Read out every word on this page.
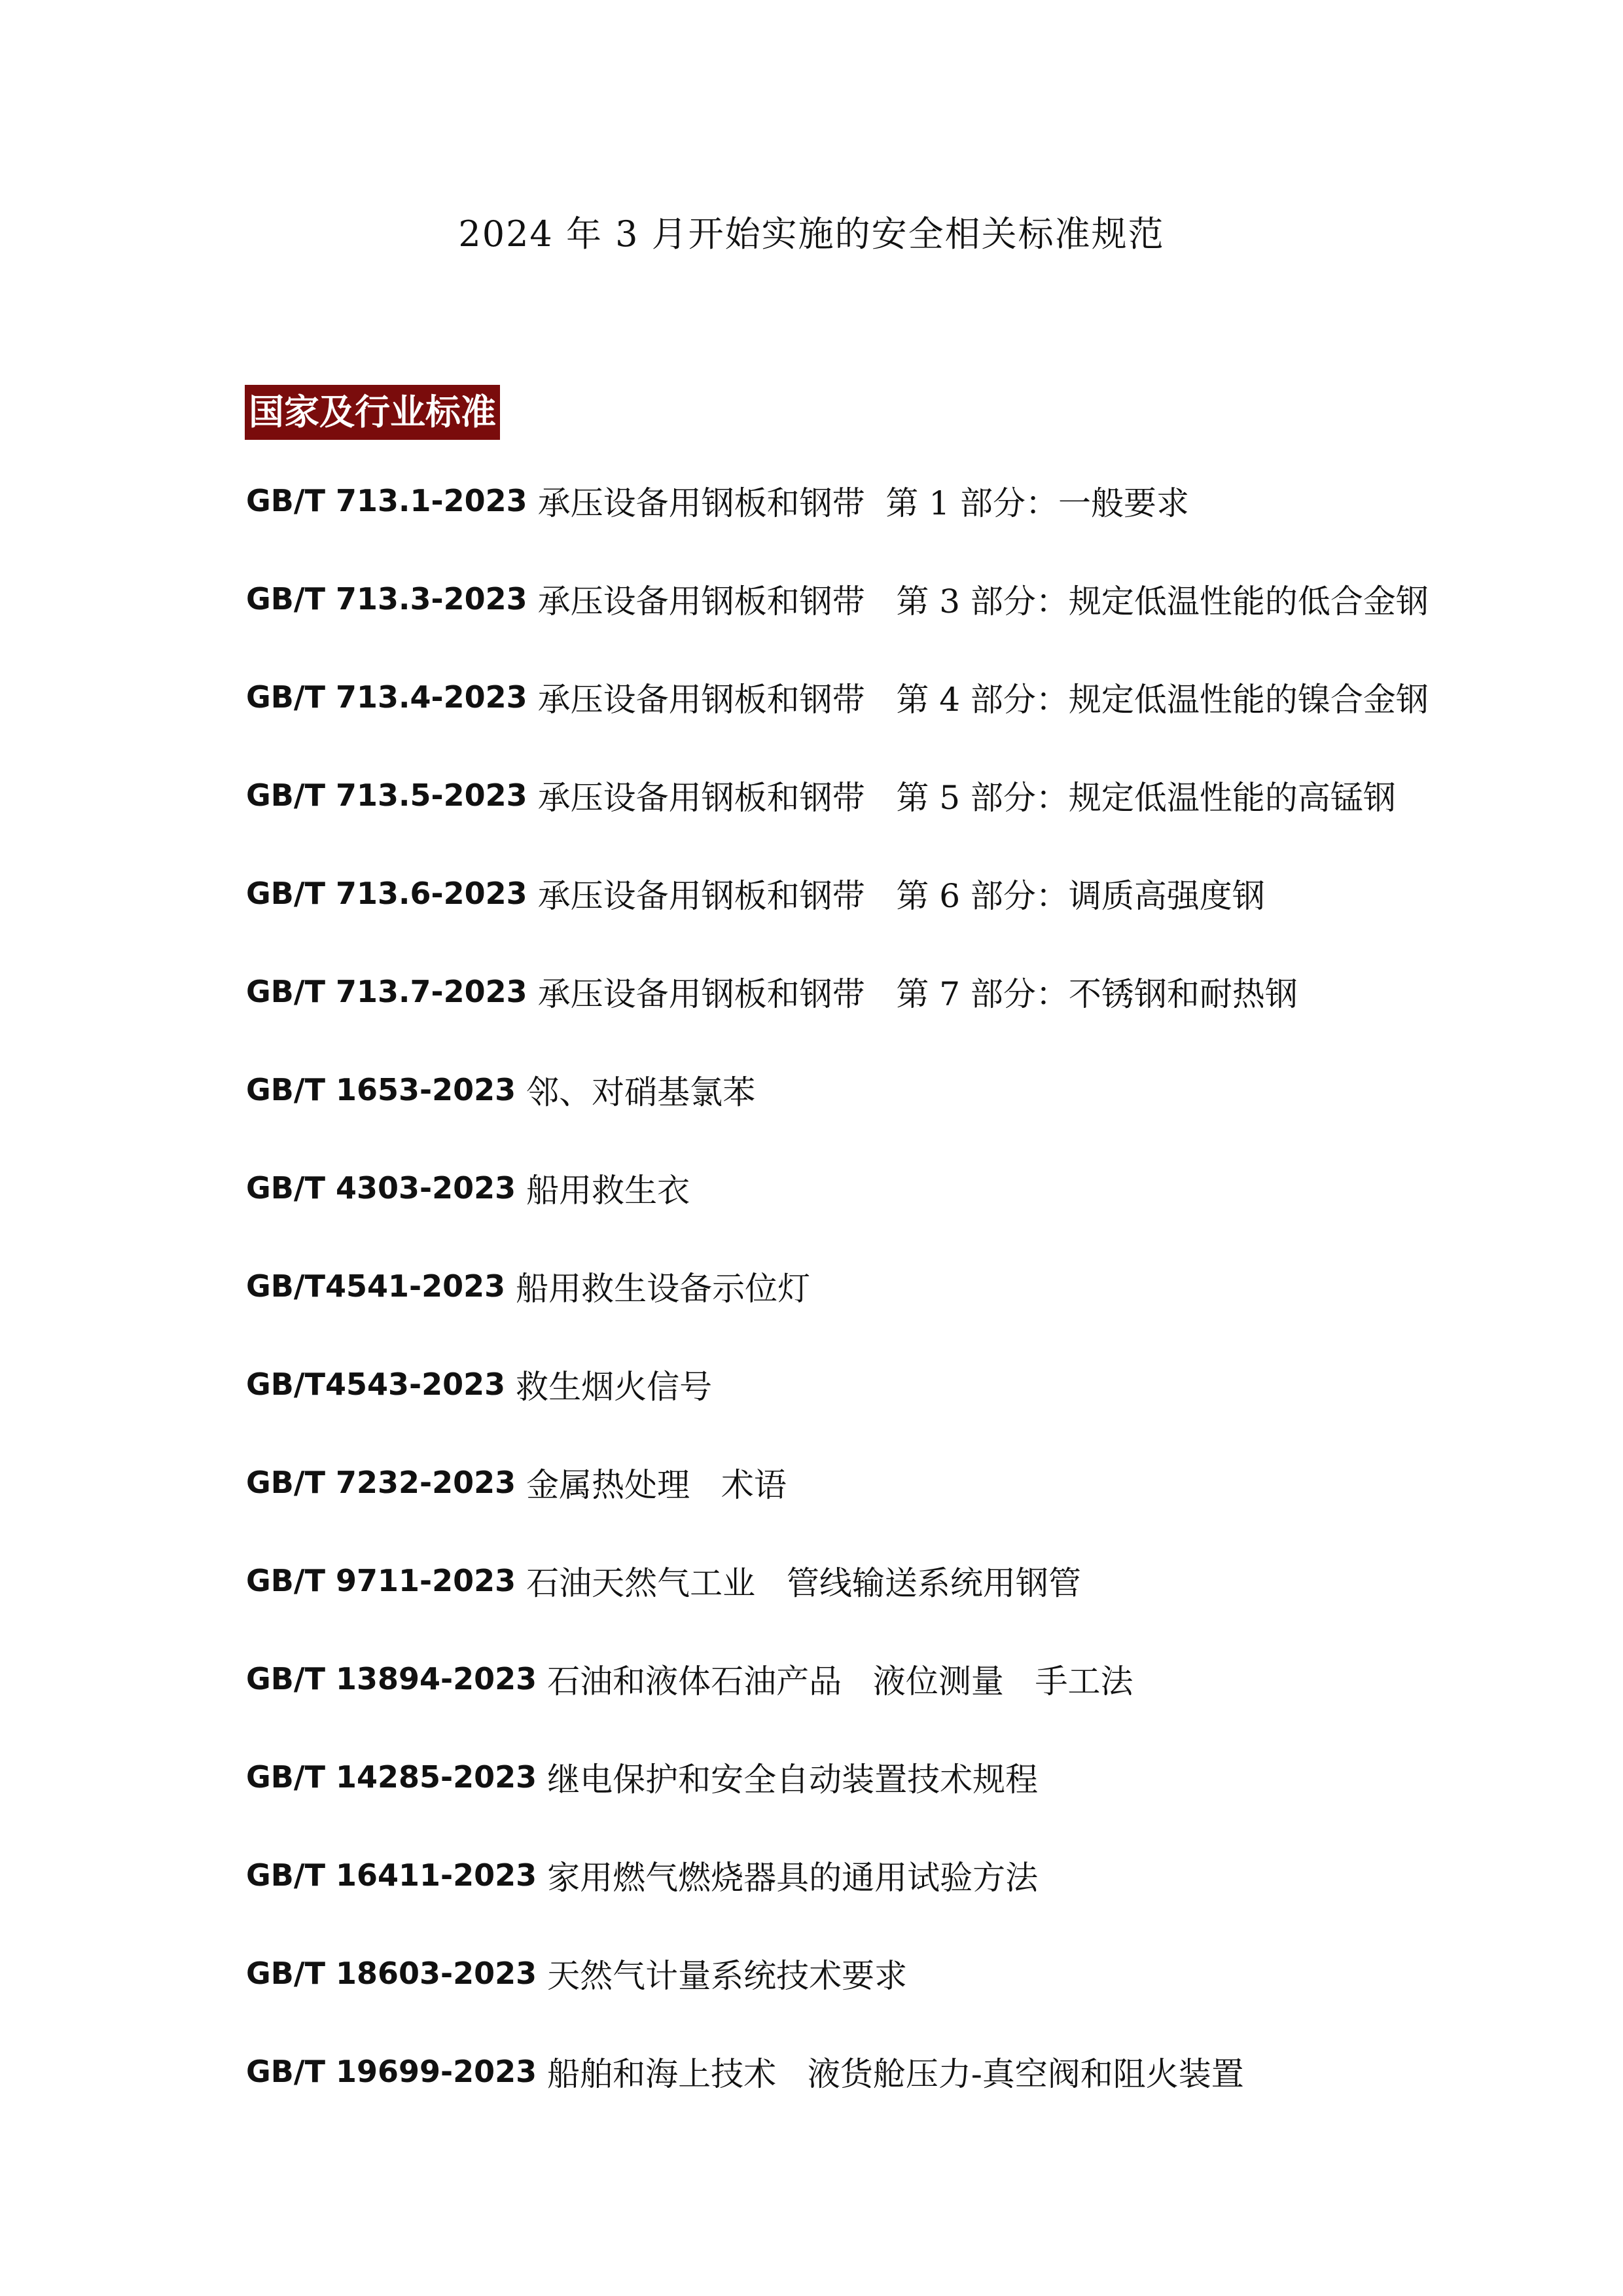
2024 年 3 月开始实施的安全相关标准规范
国家及行业标准
GB/T 713.1-2023 承压设备用钢板和钢带  第 1 部分：一般要求
GB/T 713.3-2023 承压设备用钢板和钢带   第 3 部分：规定低温性能的低合金钢
GB/T 713.4-2023 承压设备用钢板和钢带   第 4 部分：规定低温性能的镍合金钢
GB/T 713.5-2023 承压设备用钢板和钢带   第 5 部分：规定低温性能的高锰钢
GB/T 713.6-2023 承压设备用钢板和钢带   第 6 部分：调质高强度钢
GB/T 713.7-2023 承压设备用钢板和钢带   第 7 部分：不锈钢和耐热钢
GB/T 1653-2023 邻、对硝基氯苯
GB/T 4303-2023 船用救生衣
GB/T4541-2023 船用救生设备示位灯
GB/T4543-2023 救生烟火信号
GB/T 7232-2023 金属热处理   术语
GB/T 9711-2023 石油天然气工业   管线输送系统用钢管
GB/T 13894-2023 石油和液体石油产品   液位测量   手工法
GB/T 14285-2023 继电保护和安全自动装置技术规程
GB/T 16411-2023 家用燃气燃烧器具的通用试验方法
GB/T 18603-2023 天然气计量系统技术要求
GB/T 19699-2023 船舶和海上技术   液货舱压力-真空阀和阻火装置
